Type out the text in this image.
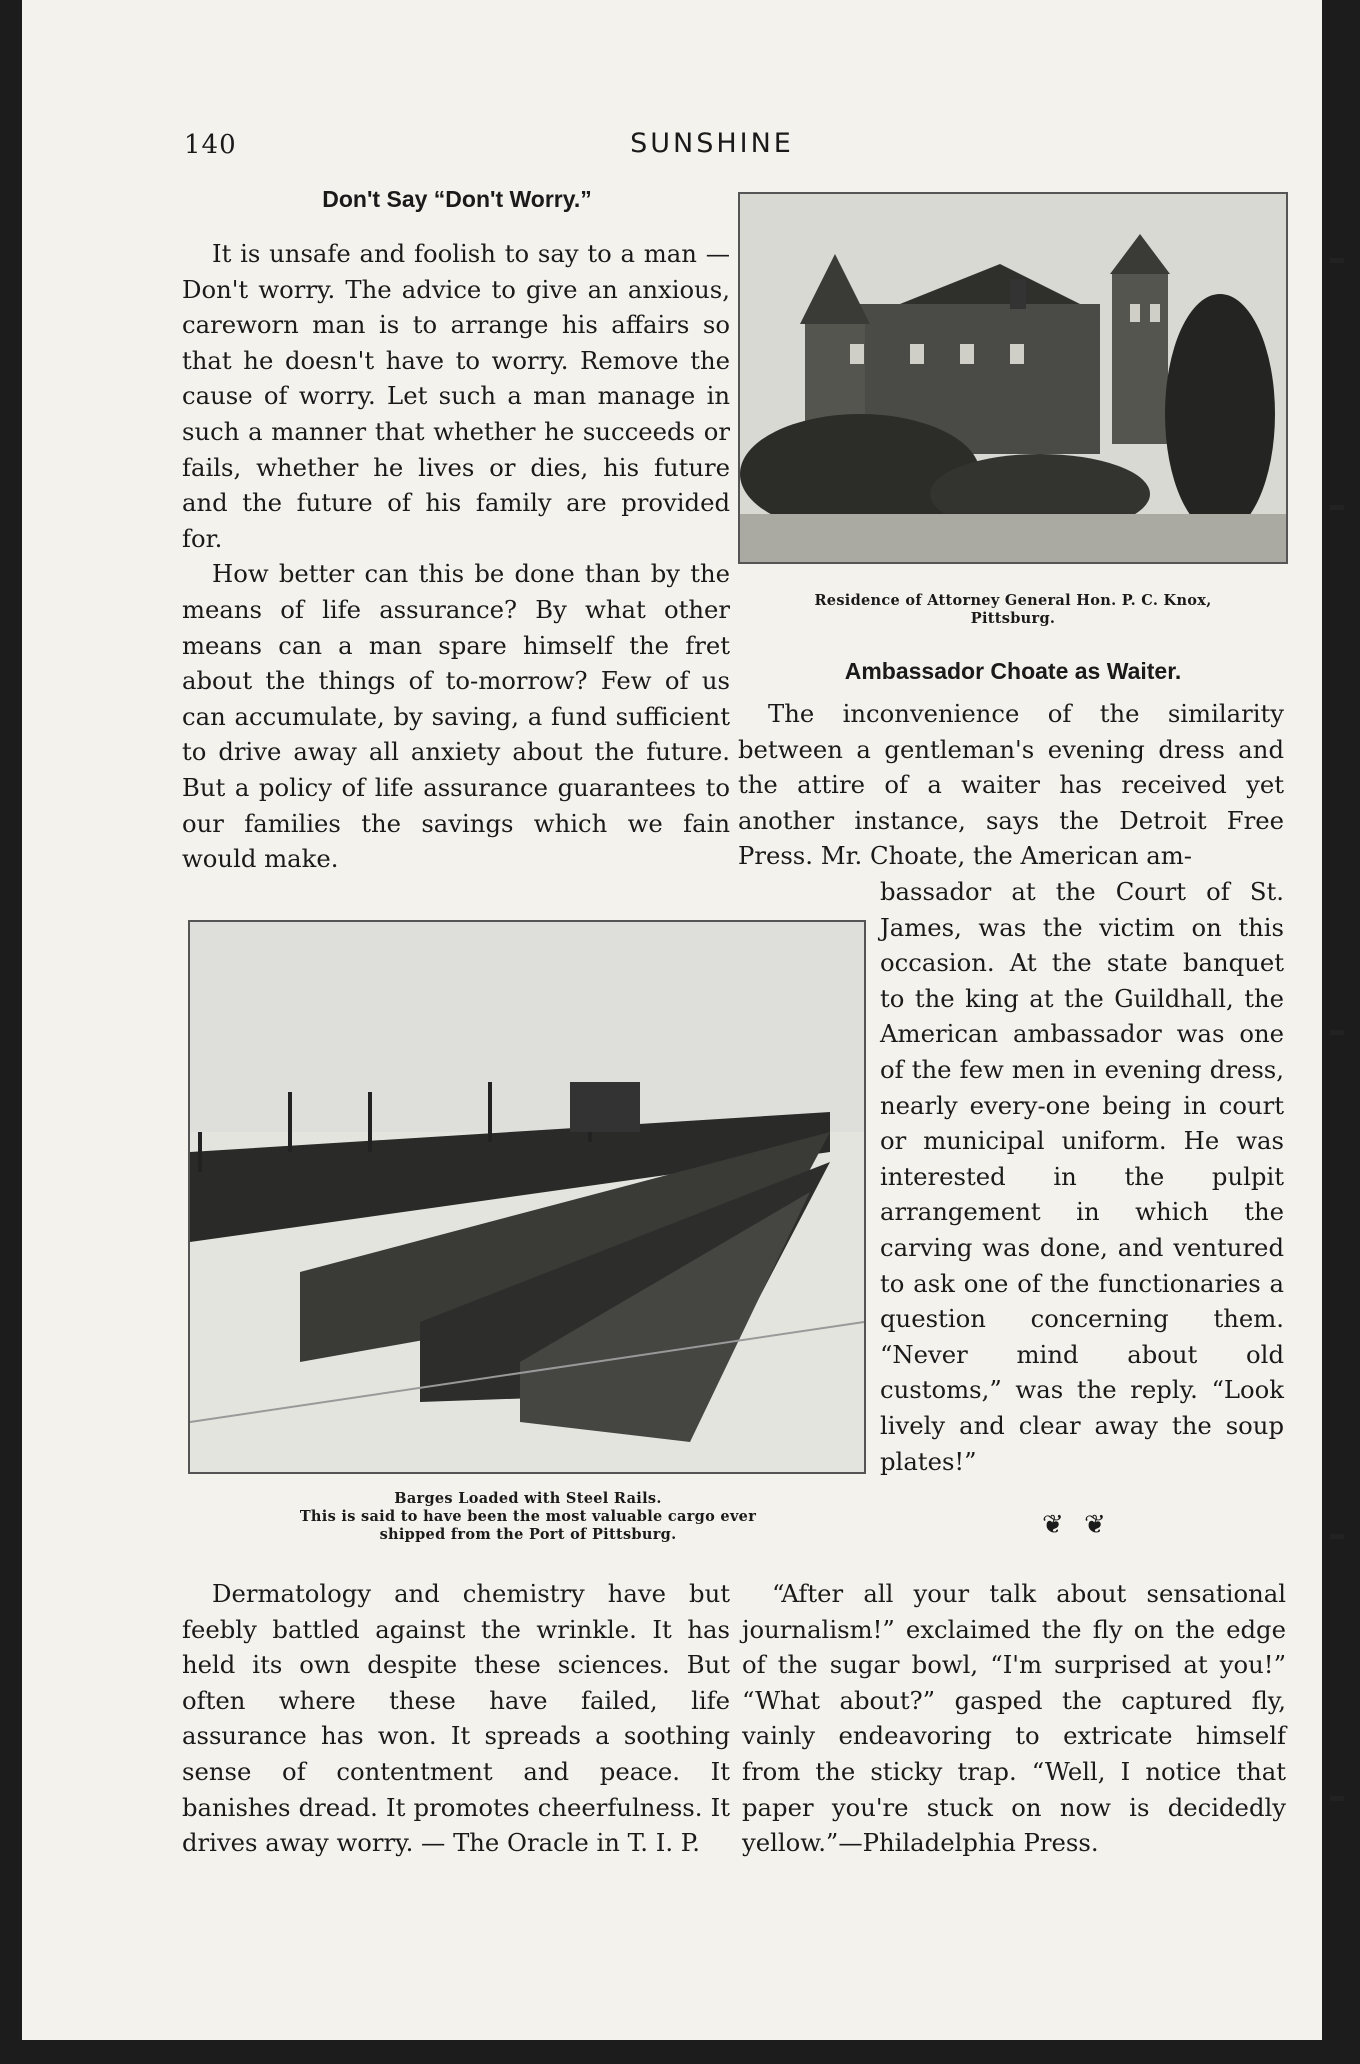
140	SUNSHINE
Don't Say “Don't Worry.”

It is unsafe and foolish to say to a man —Don't worry. The advice to give an anxious, careworn man is to arrange his affairs so that he doesn't have to worry. Remove the cause of worry. Let such a man manage in such a manner that whether he succeeds or fails, whether he lives or dies, his future and the future of his family are provided for.

How better can this be done than by the means of life assurance? By what other means can a man spare himself the fret about the things of to-morrow? Few of us can accumulate, by saving, a fund sufficient to drive away all anxiety about the future. But a policy of life assurance guarantees to our families the savings which we fain would make.

Residence of Attorney General Hon. P. C. Knox,
Pittsburg.
Ambassador Choate as Waiter.
The inconvenience of the similarity between a gentleman's evening dress and the attire of a waiter has received yet another instance, says the Detroit Free Press. Mr. Choate, the American am-
bassador at the Court of St. James, was the victim on this occasion. At the state banquet to the king at the Guildhall, the American ambassador was one of the few men in evening dress, nearly every-one being in court or municipal uniform. He was interested in the pulpit arrangement in which the carving was done, and ventured to ask one of the functionaries a question concerning them. “Never mind about old customs,” was the reply. “Look lively and clear away the soup plates!”
Barges Loaded with Steel Rails.
This is said to have been the most valuable cargo ever
shipped from the Port of Pittsburg.	❦ ❦
Dermatology and chemistry have but feebly battled against the wrinkle. It has held its own despite these sciences. But often where these have failed, life assurance has won. It spreads a soothing sense of contentment and peace. It banishes dread. It promotes cheerfulness. It drives away worry. — The Oracle in T. I. P.
“After all your talk about sensational journalism!” exclaimed the fly on the edge of the sugar bowl, “I'm surprised at you!” “What about?” gasped the captured fly, vainly endeavoring to extricate himself from the sticky trap. “Well, I notice that paper you're stuck on now is decidedly yellow.”—Philadelphia Press.
